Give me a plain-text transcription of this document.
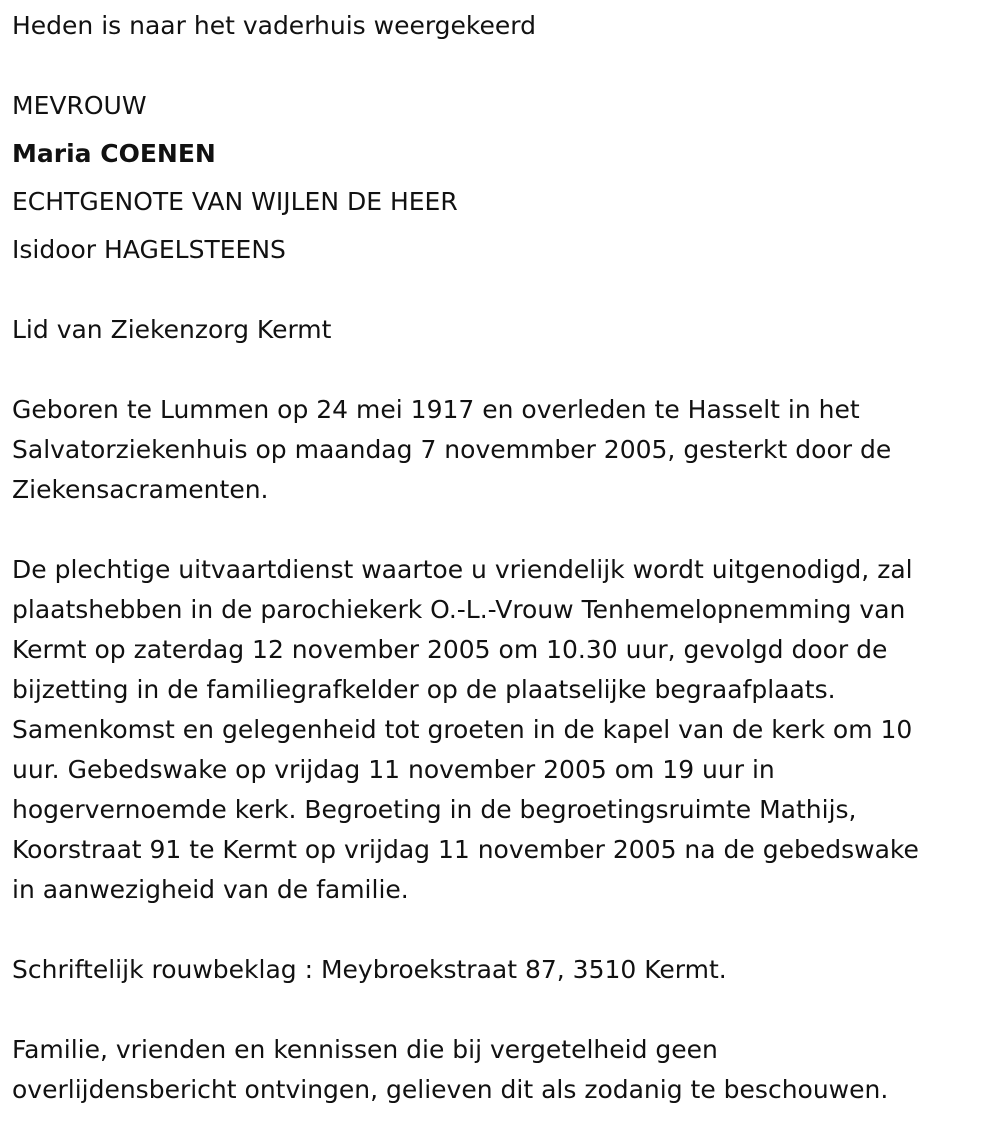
Heden is naar het vaderhuis weergekeerd

MEVROUW

Maria COENEN

ECHTGENOTE VAN WIJLEN DE HEER

Isidoor HAGELSTEENS

Lid van Ziekenzorg Kermt

Geboren te Lummen op 24 mei 1917 en overleden te Hasselt in het
Salvatorziekenhuis op maandag 7 novemmber 2005, gesterkt door de
Ziekensacramenten.
De plechtige uitvaartdienst waartoe u vriendelijk wordt uitgenodigd, zal
plaatshebben in de parochiekerk O.-L.-Vrouw Tenhemelopnemming van
Kermt op zaterdag 12 november 2005 om 10.30 uur, gevolgd door de
bijzetting in de familiegrafkelder op de plaatselijke begraafplaats.
Samenkomst en gelegenheid tot groeten in de kapel van de kerk om 10
uur. Gebedswake op vrijdag 11 november 2005 om 19 uur in
hogervernoemde kerk. Begroeting in de begroetingsruimte Mathijs,
Koorstraat 91 te Kermt op vrijdag 11 november 2005 na de gebedswake
in aanwezigheid van de familie.

Schriftelijk rouwbeklag : Meybroekstraat 87, 3510 Kermt.

Familie, vrienden en kennissen die bij vergetelheid geen
overlijdensbericht ontvingen, gelieven dit als zodanig te beschouwen.
